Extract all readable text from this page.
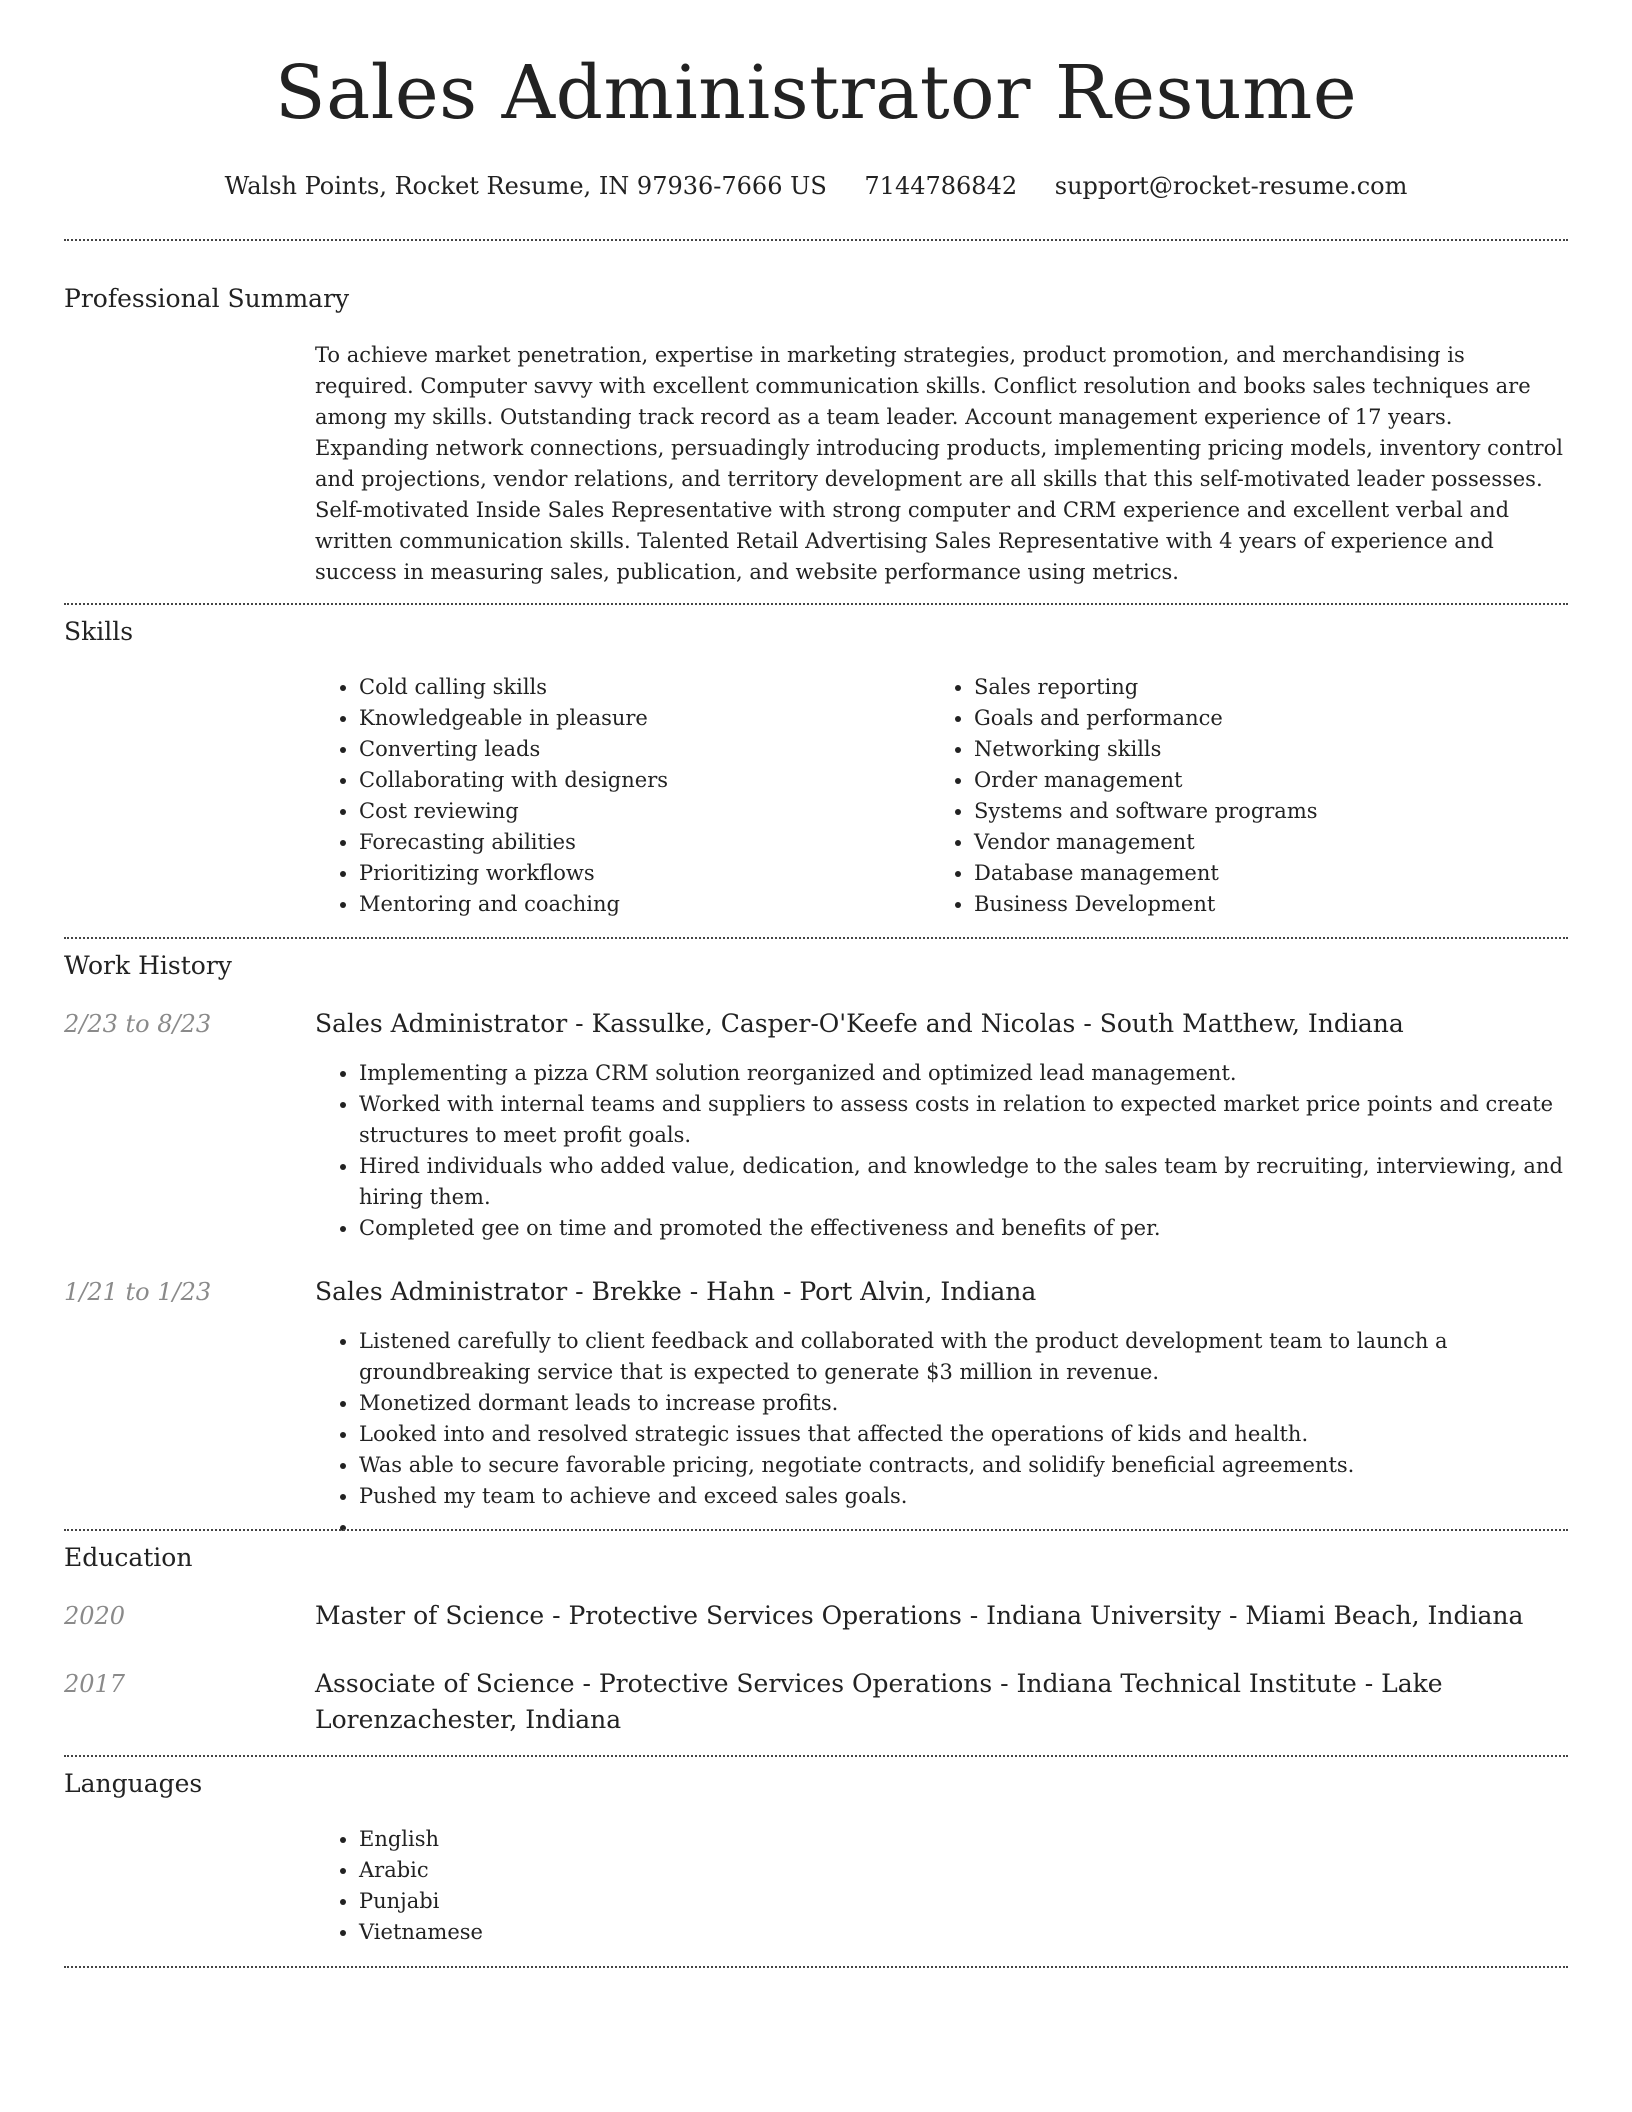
Sales Administrator Resume
Walsh Points, Rocket Resume, IN 97936-7666 US 7144786842 support@rocket-resume.com
Professional Summary
To achieve market penetration, expertise in marketing strategies, product promotion, and merchandising is required. Computer savvy with excellent communication skills. Conflict resolution and books sales techniques are among my skills. Outstanding track record as a team leader. Account management experience of 17 years. Expanding network connections, persuadingly introducing products, implementing pricing models, inventory control and projections, vendor relations, and territory development are all skills that this self-motivated leader possesses. Self-motivated Inside Sales Representative with strong computer and CRM experience and excellent verbal and written communication skills. Talented Retail Advertising Sales Representative with 4 years of experience and success in measuring sales, publication, and website performance using metrics.
Skills
• Cold calling skills
• Knowledgeable in pleasure
• Converting leads
• Collaborating with designers
• Cost reviewing
• Forecasting abilities
• Prioritizing workflows
• Mentoring and coaching
• Sales reporting
• Goals and performance
• Networking skills
• Order management
• Systems and software programs
• Vendor management
• Database management
• Business Development
Work History
2/23 to 8/23	Sales Administrator - Kassulke, Casper-O'Keefe and Nicolas - South Matthew, Indiana
• Implementing a pizza CRM solution reorganized and optimized lead management.
• Worked with internal teams and suppliers to assess costs in relation to expected market price points and create structures to meet profit goals.
• Hired individuals who added value, dedication, and knowledge to the sales team by recruiting, interviewing, and hiring them.
• Completed gee on time and promoted the effectiveness and benefits of per.
1/21 to 1/23	Sales Administrator - Brekke - Hahn - Port Alvin, Indiana
• Listened carefully to client feedback and collaborated with the product development team to launch a groundbreaking service that is expected to generate $3 million in revenue.
• Monetized dormant leads to increase profits.
• Looked into and resolved strategic issues that affected the operations of kids and health.
• Was able to secure favorable pricing, negotiate contracts, and solidify beneficial agreements.
• Pushed my team to achieve and exceed sales goals.
•
Education
2020	Master of Science - Protective Services Operations - Indiana University - Miami Beach, Indiana
2017	Associate of Science - Protective Services Operations - Indiana Technical Institute - Lake Lorenzachester, Indiana
Languages
• English
• Arabic
• Punjabi
• Vietnamese
